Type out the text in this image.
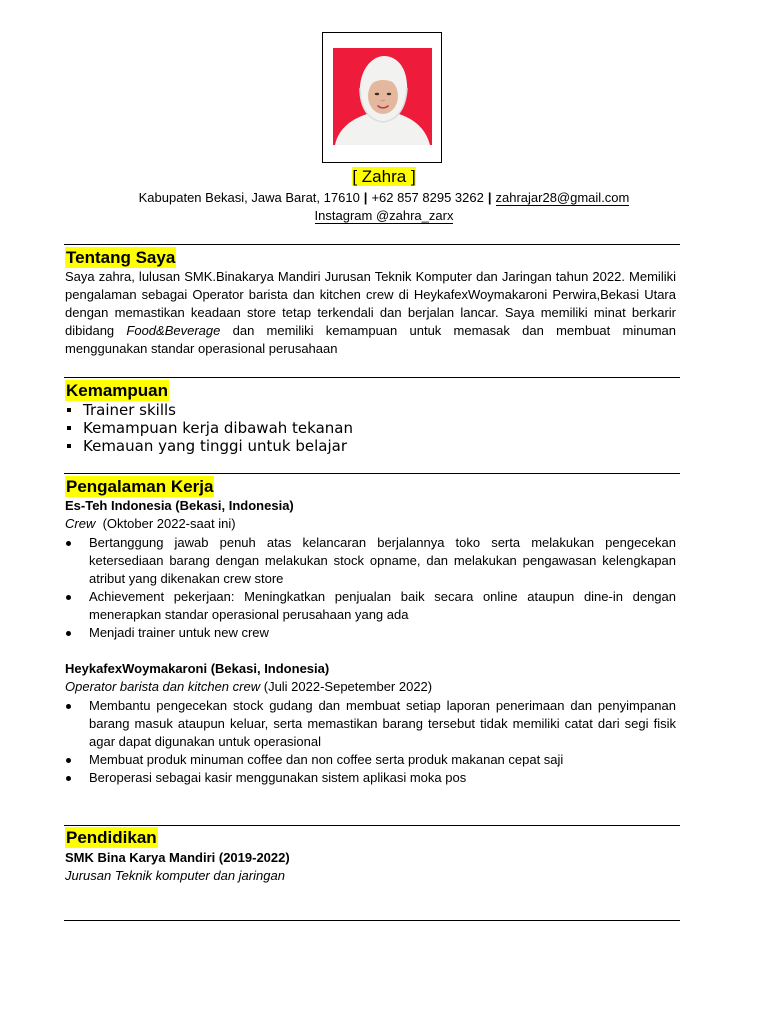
[ Zahra ]
Kabupaten Bekasi, Jawa Barat, 17610 | +62 857 8295 3262 | zahrajar28@gmail.com
Instagram @zahra_zarx
Tentang Saya

Saya zahra, lulusan SMK.Binakarya Mandiri Jurusan Teknik Komputer dan Jaringan tahun 2022. Memiliki pengalaman sebagai Operator barista dan kitchen crew di HeykafexWoymakaroni Perwira,Bekasi Utara dengan memastikan keadaan store tetap terkendali dan berjalan lancar. Saya memiliki minat berkarir dibidang Food&Beverage dan memiliki kemampuan untuk memasak dan membuat minuman menggunakan standar operasional perusahaan

Kemampuan
Trainer skills
Kemampuan kerja dibawah tekanan
Kemauan yang tinggi untuk belajar
Pengalaman Kerja
Es-Teh Indonesia (Bekasi, Indonesia)
Crew (Oktober 2022-saat ini)
Bertanggung jawab penuh atas kelancaran berjalannya toko serta melakukan pengecekan ketersediaan barang dengan melakukan stock opname, dan melakukan pengawasan kelengkapan atribut yang dikenakan crew store
Achievement pekerjaan: Meningkatkan penjualan baik secara online ataupun dine-in dengan menerapkan standar operasional perusahaan yang ada
Menjadi trainer untuk new crew
HeykafexWoymakaroni (Bekasi, Indonesia)
Operator barista dan kitchen crew (Juli 2022-Sepetember 2022)
Membantu pengecekan stock gudang dan membuat setiap laporan penerimaan dan penyimpanan barang masuk ataupun keluar, serta memastikan barang tersebut tidak memiliki catat dari segi fisik agar dapat digunakan untuk operasional
Membuat produk minuman coffee dan non coffee serta produk makanan cepat saji
Beroperasi sebagai kasir menggunakan sistem aplikasi moka pos
Pendidikan
SMK Bina Karya Mandiri (2019-2022)
Jurusan Teknik komputer dan jaringan
